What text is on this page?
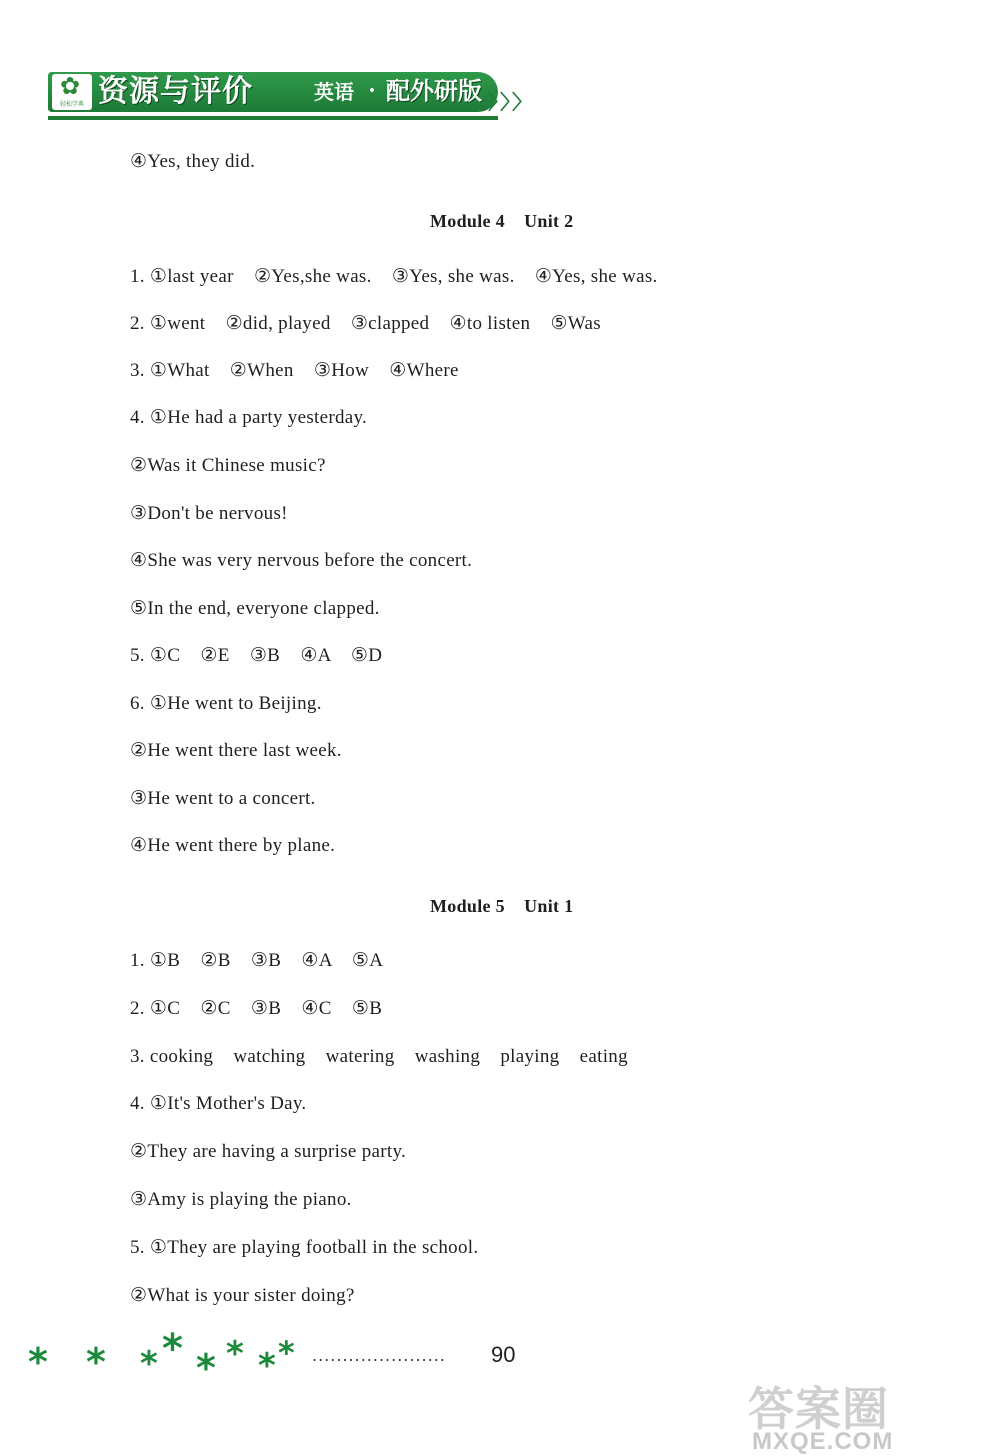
✿
轻松学典 资源与评价	英语 · 配外研版 〉〉〉
④Yes, they did.
Module 4    Unit 2
1. ①last year    ②Yes,she was.    ③Yes, she was.    ④Yes, she was.
2. ①went    ②did, played    ③clapped    ④to listen    ⑤Was
3. ①What    ②When    ③How    ④Where
4. ①He had a party yesterday.
②Was it Chinese music?
③Don't be nervous!
④She was very nervous before the concert.
⑤In the end, everyone clapped.
5. ①C    ②E    ③B    ④A    ⑤D
6. ①He went to Beijing.
②He went there last week.
③He went to a concert.
④He went there by plane.
Module 5    Unit 1
1. ①B    ②B    ③B    ④A    ⑤A
2. ①C    ②C    ③B    ④C    ⑤B
3. cooking    watching    watering    washing    playing    eating
4. ①It's Mother's Day.
②They are having a surprise party.
③Amy is playing the piano.
5. ①They are playing football in the school.
②What is your sister doing?
* * * * * * * * ...................... 90
答案圈
MXQE.COM
